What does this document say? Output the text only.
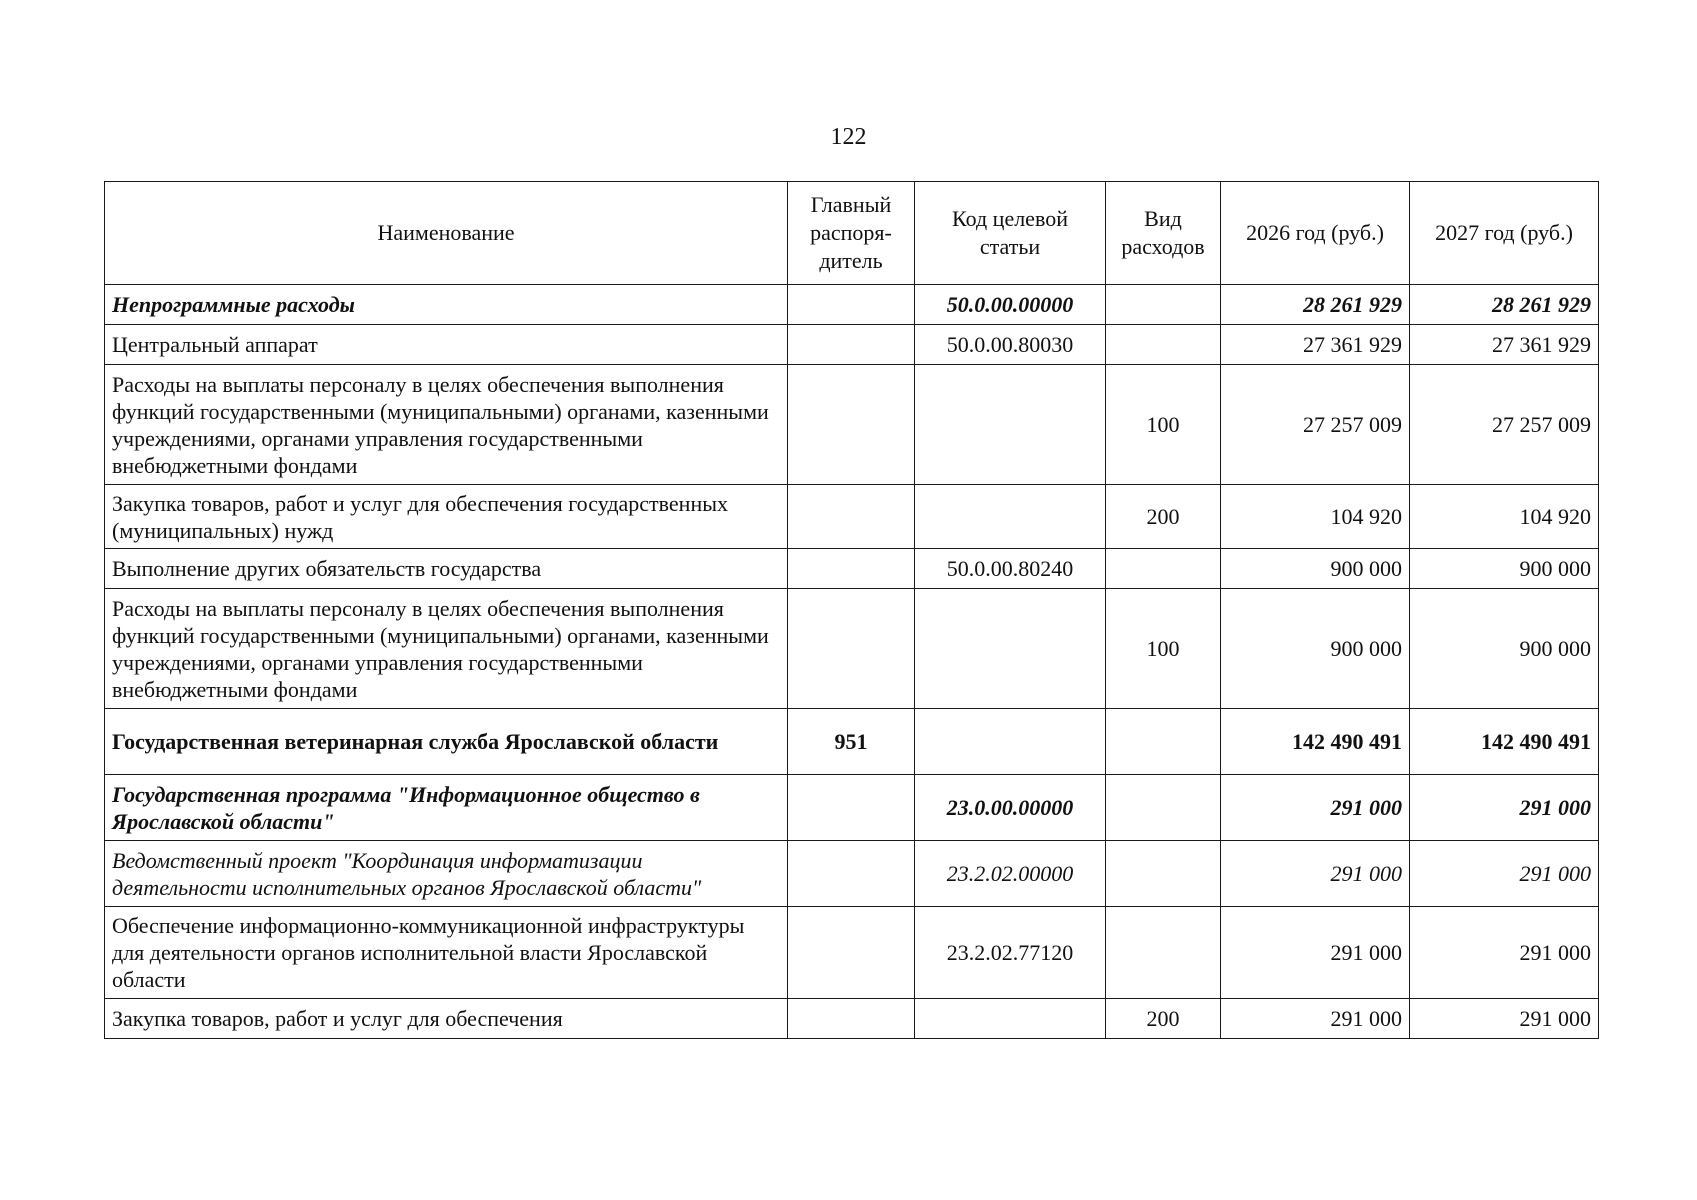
122
Наименование	Главный распоря-дитель	Код целевой статьи	Вид расходов	2026 год (руб.)	2027 год (руб.)
Непрограммные расходы		50.0.00.00000		28 261 929	28 261 929
Центральный аппарат		50.0.00.80030		27 361 929	27 361 929
Расходы на выплаты персоналу в целях обеспечения выполнения функций государственными (муниципальными) органами, казенными учреждениями, органами управления государственными внебюджетными фондами			100	27 257 009	27 257 009
Закупка товаров, работ и услуг для обеспечения государственных (муниципальных) нужд			200	104 920	104 920
Выполнение других обязательств государства		50.0.00.80240		900 000	900 000
Расходы на выплаты персоналу в целях обеспечения выполнения функций государственными (муниципальными) органами, казенными учреждениями, органами управления государственными внебюджетными фондами			100	900 000	900 000
Государственная ветеринарная служба Ярославской области	951			142 490 491	142 490 491
Государственная программа "Информационное общество в Ярославской области"		23.0.00.00000		291 000	291 000
Ведомственный проект "Координация информатизации деятельности исполнительных органов Ярославской области"		23.2.02.00000		291 000	291 000
Обеспечение информационно-коммуникационной инфраструктуры для деятельности органов исполнительной власти Ярославской области		23.2.02.77120		291 000	291 000
Закупка товаров, работ и услуг для обеспечения			200	291 000	291 000
